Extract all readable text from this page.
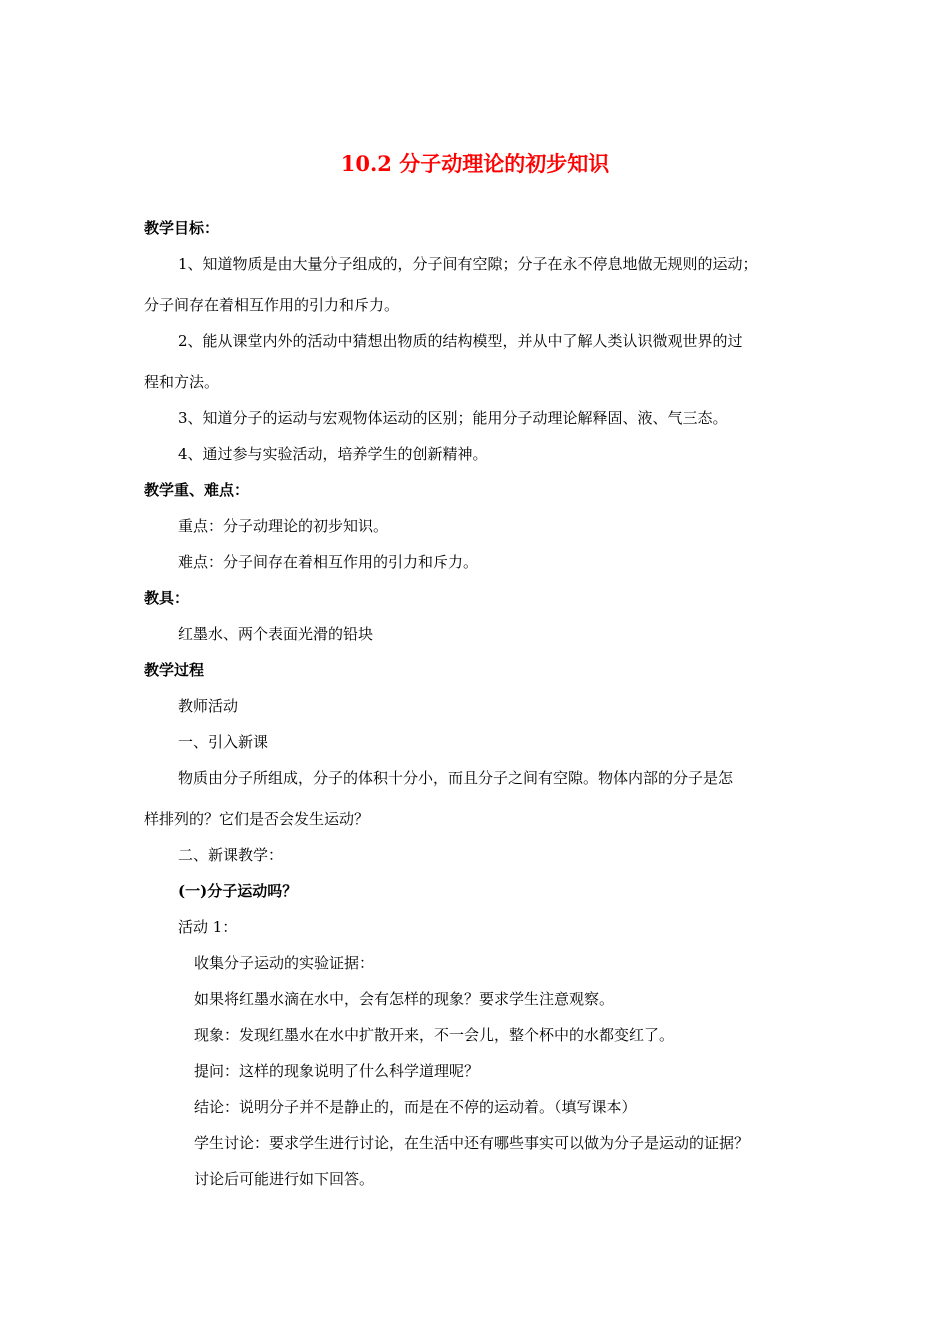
10.2 分子动理论的初步知识
教学目标：
1、知道物质是由大量分子组成的，分子间有空隙；分子在永不停息地做无规则的运动；
分子间存在着相互作用的引力和斥力。
2、能从课堂内外的活动中猜想出物质的结构模型，并从中了解人类认识微观世界的过
程和方法。
3、知道分子的运动与宏观物体运动的区别；能用分子动理论解释固、液、气三态。
4、通过参与实验活动，培养学生的创新精神。
教学重、难点：
重点：分子动理论的初步知识。
难点：分子间存在着相互作用的引力和斥力。
教具：
红墨水、两个表面光滑的铅块
教学过程
教师活动
一、引入新课
物质由分子所组成，分子的体积十分小，而且分子之间有空隙。物体内部的分子是怎
样排列的？它们是否会发生运动？
二、新课教学：
(一)分子运动吗？
活动 1：
收集分子运动的实验证据：
如果将红墨水滴在水中，会有怎样的现象？要求学生注意观察。
现象：发现红墨水在水中扩散开来，不一会儿，整个杯中的水都变红了。
提问：这样的现象说明了什么科学道理呢？
结论：说明分子并不是静止的，而是在不停的运动着。（填写课本）
学生讨论：要求学生进行讨论，在生活中还有哪些事实可以做为分子是运动的证据？
讨论后可能进行如下回答。
